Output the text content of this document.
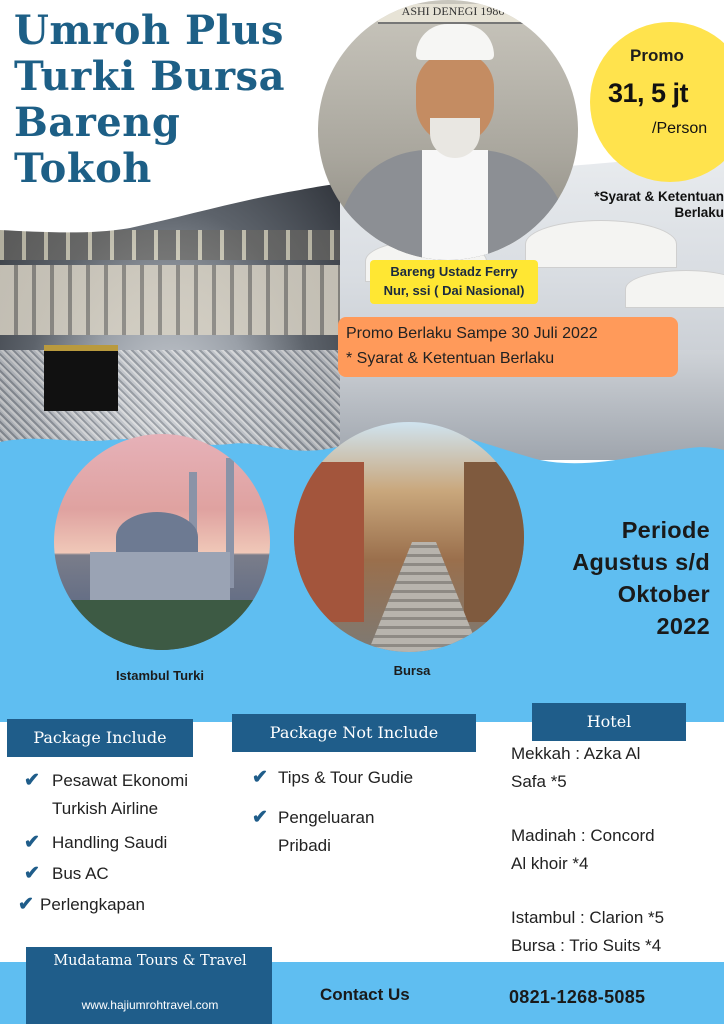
Umroh Plus
Turki Bursa
Bareng
Tokoh
ASHI DENEGI 1986
Promo
31, 5 jt
/Person
*Syarat & Ketentuan
Berlaku
Bareng Ustadz Ferry
Nur, ssi ( Dai Nasional)
Promo Berlaku Sampe 30 Juli 2022
* Syarat & Ketentuan Berlaku
Istambul Turki	Bursa
Periode
Agustus s/d
Oktober
2022
Package Include	Package Not Include
Hotel
✔ Pesawat Ekonomi
Turkish Airline
✔ Handling Saudi
✔ Bus AC
✔ Perlengkapan
✔ Tips & Tour Gudie
✔ Pengeluaran
Pribadi
Mekkah : Azka Al
Safa *5
Madinah : Concord
Al khoir *4
Istambul : Clarion *5
Bursa : Trio Suits *4
Mudatama Tours & Travel
www.hajiumrohtravel.com
Contact Us	0821-1268-5085
